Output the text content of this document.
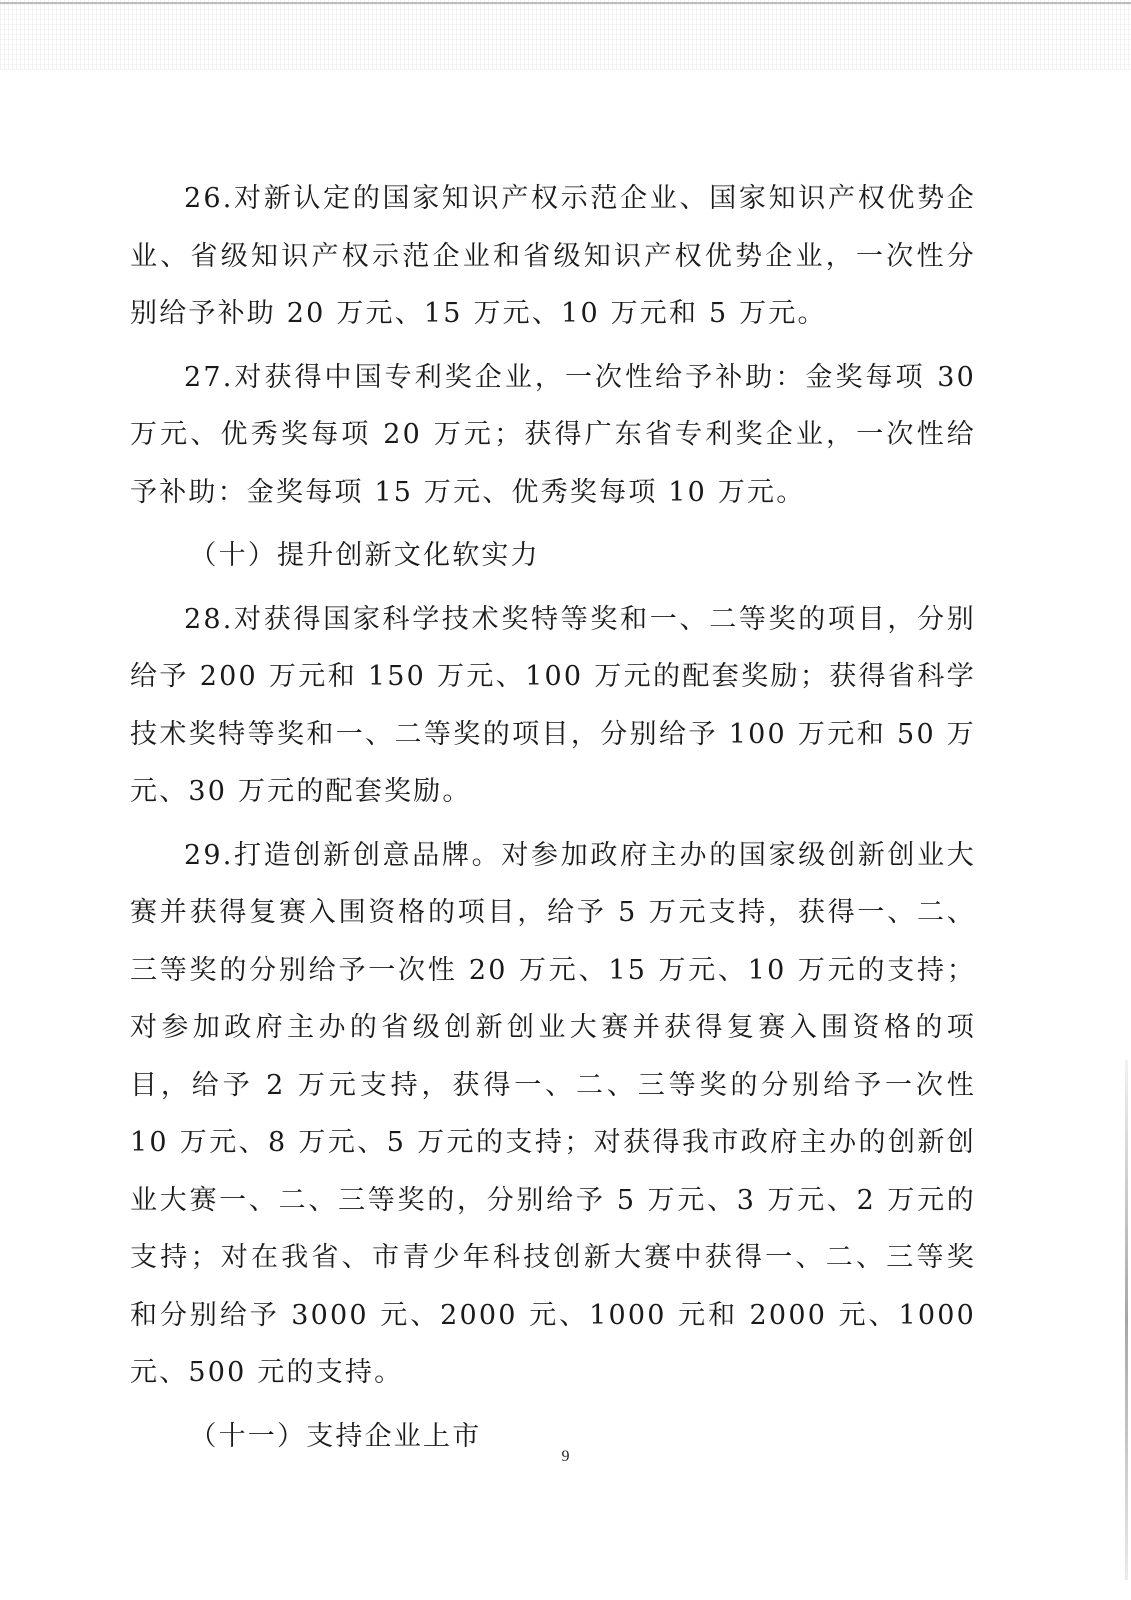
26.对新认定的国家知识产权示范企业、国家知识产权优势企业、省级知识产权示范企业和省级知识产权优势企业，一次性分别给予补助 20 万元、15 万元、10 万元和 5 万元。

27.对获得中国专利奖企业，一次性给予补助：金奖每项 30 万元、优秀奖每项 20 万元；获得广东省专利奖企业，一次性给予补助：金奖每项 15 万元、优秀奖每项 10 万元。

（十）提升创新文化软实力

28.对获得国家科学技术奖特等奖和一、二等奖的项目，分别给予 200 万元和 150 万元、100 万元的配套奖励；获得省科学技术奖特等奖和一、二等奖的项目，分别给予 100 万元和 50 万元、30 万元的配套奖励。

29.打造创新创意品牌。对参加政府主办的国家级创新创业大赛并获得复赛入围资格的项目，给予 5 万元支持，获得一、二、三等奖的分别给予一次性 20 万元、15 万元、10 万元的支持；对参加政府主办的省级创新创业大赛并获得复赛入围资格的项目，给予 2 万元支持，获得一、二、三等奖的分别给予一次性 10 万元、8 万元、5 万元的支持；对获得我市政府主办的创新创业大赛一、二、三等奖的，分别给予 5 万元、3 万元、2 万元的支持；对在我省、市青少年科技创新大赛中获得一、二、三等奖和分别给予 3000 元、2000 元、1000 元和 2000 元、1000 元、500 元的支持。

（十一）支持企业上市

9
